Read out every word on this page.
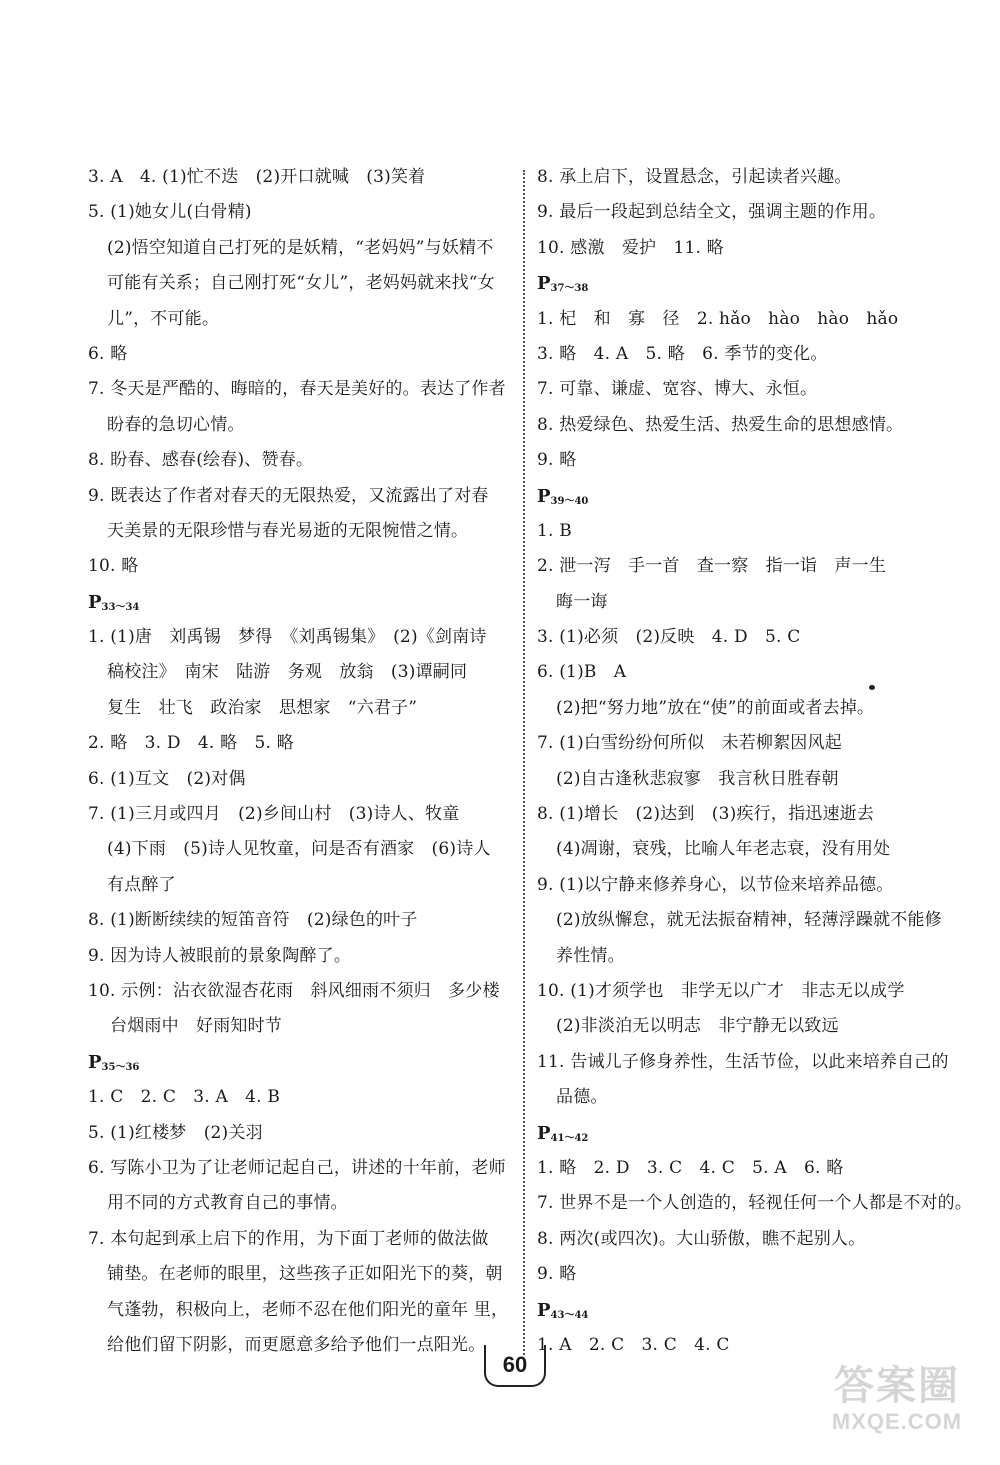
3. A　4. (1)忙不迭　(2)开口就喊　(3)笑着
5. (1)她女儿(白骨精)
(2)悟空知道自己打死的是妖精，“老妈妈”与妖精不
可能有关系；自己刚打死“女儿”，老妈妈就来找“女
儿”，不可能。
6. 略
7. 冬天是严酷的、晦暗的，春天是美好的。表达了作者
盼春的急切心情。
8. 盼春、感春(绘春)、赞春。
9. 既表达了作者对春天的无限热爱，又流露出了对春
天美景的无限珍惜与春光易逝的无限惋惜之情。
10. 略
$P_{33\sim 34}$
1. (1)唐　刘禹锡　梦得　《刘禹锡集》　(2)《剑南诗
稿校注》　南宋　陆游　务观　放翁　(3)谭嗣同
复生　壮飞　政治家　思想家　“六君子”
2. 略　3. D　4. 略　5. 略
6. (1)互文　(2)对偶
7. (1)三月或四月　(2)乡间山村　(3)诗人、牧童
(4)下雨　(5)诗人见牧童，问是否有酒家　(6)诗人
有点醉了
8. (1)断断续续的短笛音符　(2)绿色的叶子
9. 因为诗人被眼前的景象陶醉了。
10. 示例：沾衣欲湿杏花雨　斜风细雨不须归　多少楼
台烟雨中　好雨知时节
$P_{35\sim 36}$
1. C　2. C　3. A　4. B
5. (1)红楼梦　(2)关羽
6. 写陈小卫为了让老师记起自己，讲述的十年前，老师
用不同的方式教育自己的事情。
7. 本句起到承上启下的作用，为下面丁老师的做法做
铺垫。在老师的眼里，这些孩子正如阳光下的葵，朝
气蓬勃，积极向上，老师不忍在他们阳光的童年 里，
给他们留下阴影，而更愿意多给予他们一点阳光。
8. 承上启下，设置悬念，引起读者兴趣。
9. 最后一段起到总结全文，强调主题的作用。
10. 感激　爱护　11. 略
$P_{37\sim 38}$
1. 杞　和　寡　径　2. hǎo　hào　hào　hǎo
3. 略　4. A　5. 略　6. 季节的变化。
7. 可靠、谦虚、宽容、博大、永恒。
8. 热爱绿色、热爱生活、热爱生命的思想感情。
9. 略
$P_{39\sim 40}$
1. B
2. 泄一泻　手一首　查一察　指一诣　声一生
晦一诲
3. (1)必须　(2)反映　4. D　5. C
6. (1)B　A
(2)把“努力地”放在“使”的前面或者去掉。
7. (1)白雪纷纷何所似　未若柳絮因风起
(2)自古逢秋悲寂寥　我言秋日胜春朝
8. (1)增长　(2)达到　(3)疾行，指迅速逝去
(4)凋谢，衰残，比喻人年老志衰，没有用处
9. (1)以宁静来修养身心，以节俭来培养品德。
(2)放纵懈怠，就无法振奋精神，轻薄浮躁就不能修
养性情。
10. (1)才须学也　非学无以广才　非志无以成学
(2)非淡泊无以明志　非宁静无以致远
11. 告诫儿子修身养性，生活节俭，以此来培养自己的
品德。
$P_{41\sim 42}$
1. 略　2. D　3. C　4. C　5. A　6. 略
7. 世界不是一个人创造的，轻视任何一个人都是不对的。
8. 两次(或四次)。大山骄傲，瞧不起别人。
9. 略
$P_{43\sim 44}$
1. A　2. C　3. C　4. C
60	答案圈
MXQE.COM
